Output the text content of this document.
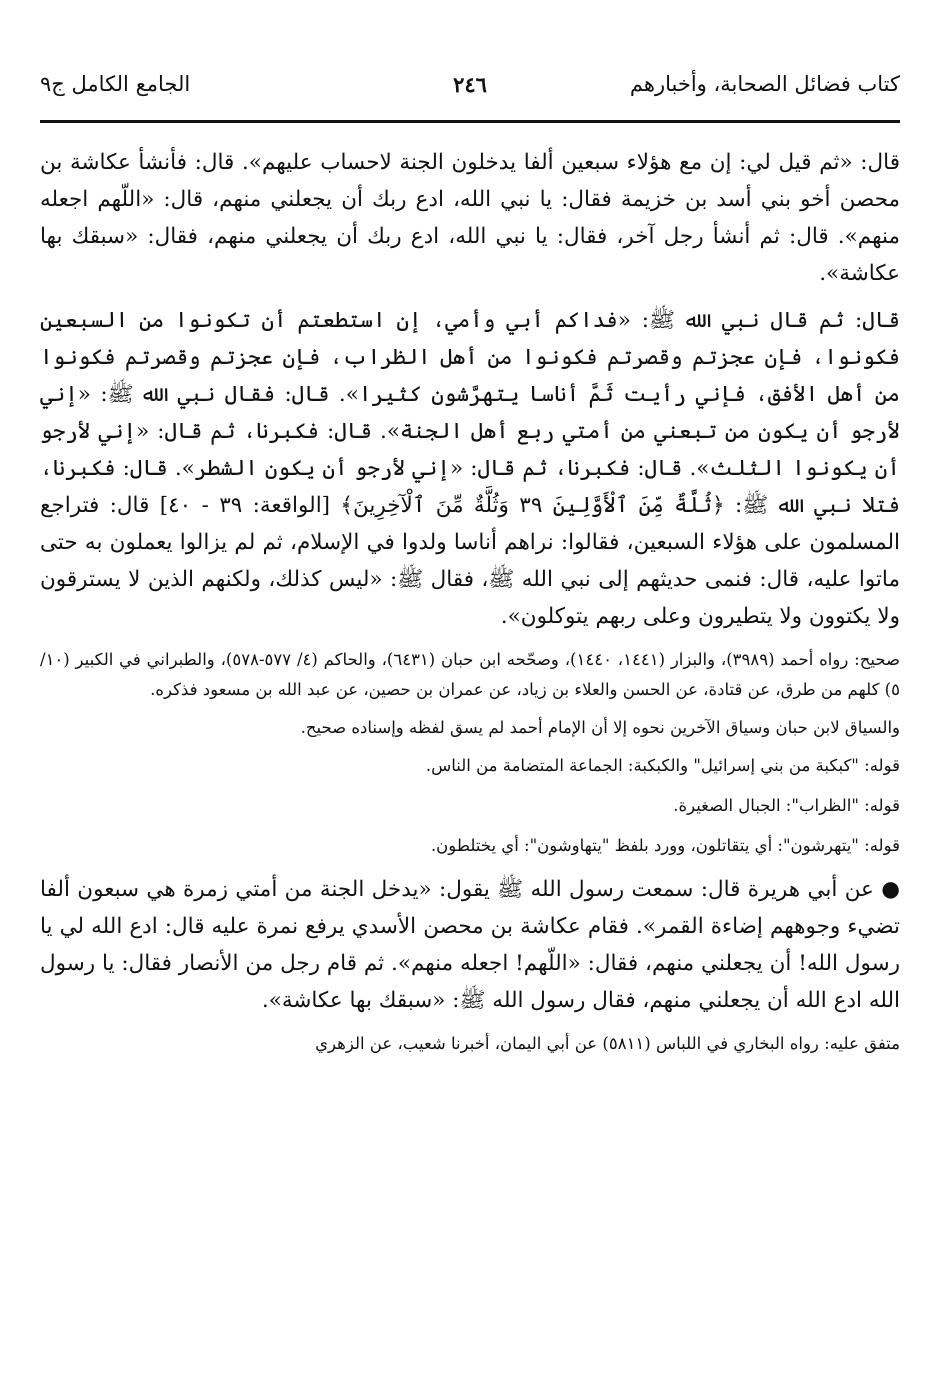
كتاب فضائل الصحابة، وأخبارهم
٢٤٦
الجامع الكامل ج٩

قال: «ثم قيل لي: إن مع هؤلاء سبعين ألفا يدخلون الجنة لاحساب عليهم». قال: فأنشأ عكاشة بن محصن أخو بني أسد بن خزيمة فقال: يا نبي الله، ادع ربك أن يجعلني منهم، قال: «اللّهم اجعله منهم». قال: ثم أنشأ رجل آخر، فقال: يا نبي الله، ادع ربك أن يجعلني منهم، فقال: «سبقك بها عكاشة».

قال: ثم قال نبي الله ﷺ: «فداكم أبي وأمي، إن استطعتم أن تكونوا من السبعين فكونوا، فإن عجزتم وقصرتم فكونوا من أهل الظراب، فإن عجزتم وقصرتم فكونوا من أهل الأفق، فإني رأيت ثَمَّ أناسا يتهرَّشون كثيرا». قال: فقال نبي الله ﷺ: «إني لأرجو أن يكون من تبعني من أمتي ربع أهل الجنة». قال: فكبرنا، ثم قال: «إني لأرجو أن يكونوا الثلث». قال: فكبرنا، ثم قال: «إني لأرجو أن يكون الشطر». قال: فكبرنا، فتلا نبي الله ﷺ: ﴿ثُلَّةٌ مِّنَ ٱلْأَوَّلِينَ ٣٩ وَثُلَّةٌ مِّنَ ٱلْآخِرِينَ﴾ [الواقعة: ٣٩ - ٤٠] قال: فتراجع المسلمون على هؤلاء السبعين، فقالوا: نراهم أناسا ولدوا في الإسلام، ثم لم يزالوا يعملون به حتى ماتوا عليه، قال: فنمى حديثهم إلى نبي الله ﷺ، فقال ﷺ: «ليس كذلك، ولكنهم الذين لا يسترقون ولا يكتوون ولا يتطيرون وعلى ربهم يتوكلون».

صحيح: رواه أحمد (٣٩٨٩)، والبزار (١٤٤١، ١٤٤٠)، وصحّحه ابن حبان (٦٤٣١)، والحاكم (٤/ ٥٧٧-٥٧٨)، والطبراني في الكبير (١٠/ ٥) كلهم من طرق، عن قتادة، عن الحسن والعلاء بن زياد، عن عمران بن حصين، عن عبد الله بن مسعود فذكره.

والسياق لابن حبان وسياق الآخرين نحوه إلا أن الإمام أحمد لم يسق لفظه وإسناده صحيح.

قوله: "كبكبة من بني إسرائيل" والكبكبة: الجماعة المتضامة من الناس.

قوله: "الظراب": الجبال الصغيرة.

قوله: "يتهرشون": أي يتقاتلون، وورد بلفظ "يتهاوشون": أي يختلطون.

● عن أبي هريرة قال: سمعت رسول الله ﷺ يقول: «يدخل الجنة من أمتي زمرة هي سبعون ألفا تضيء وجوههم إضاءة القمر». فقام عكاشة بن محصن الأسدي يرفع نمرة عليه قال: ادع الله لي يا رسول الله! أن يجعلني منهم، فقال: «اللّهم! اجعله منهم». ثم قام رجل من الأنصار فقال: يا رسول الله ادع الله أن يجعلني منهم، فقال رسول الله ﷺ: «سبقك بها عكاشة».

متفق عليه: رواه البخاري في اللباس (٥٨١١) عن أبي اليمان، أخبرنا شعيب، عن الزهري
